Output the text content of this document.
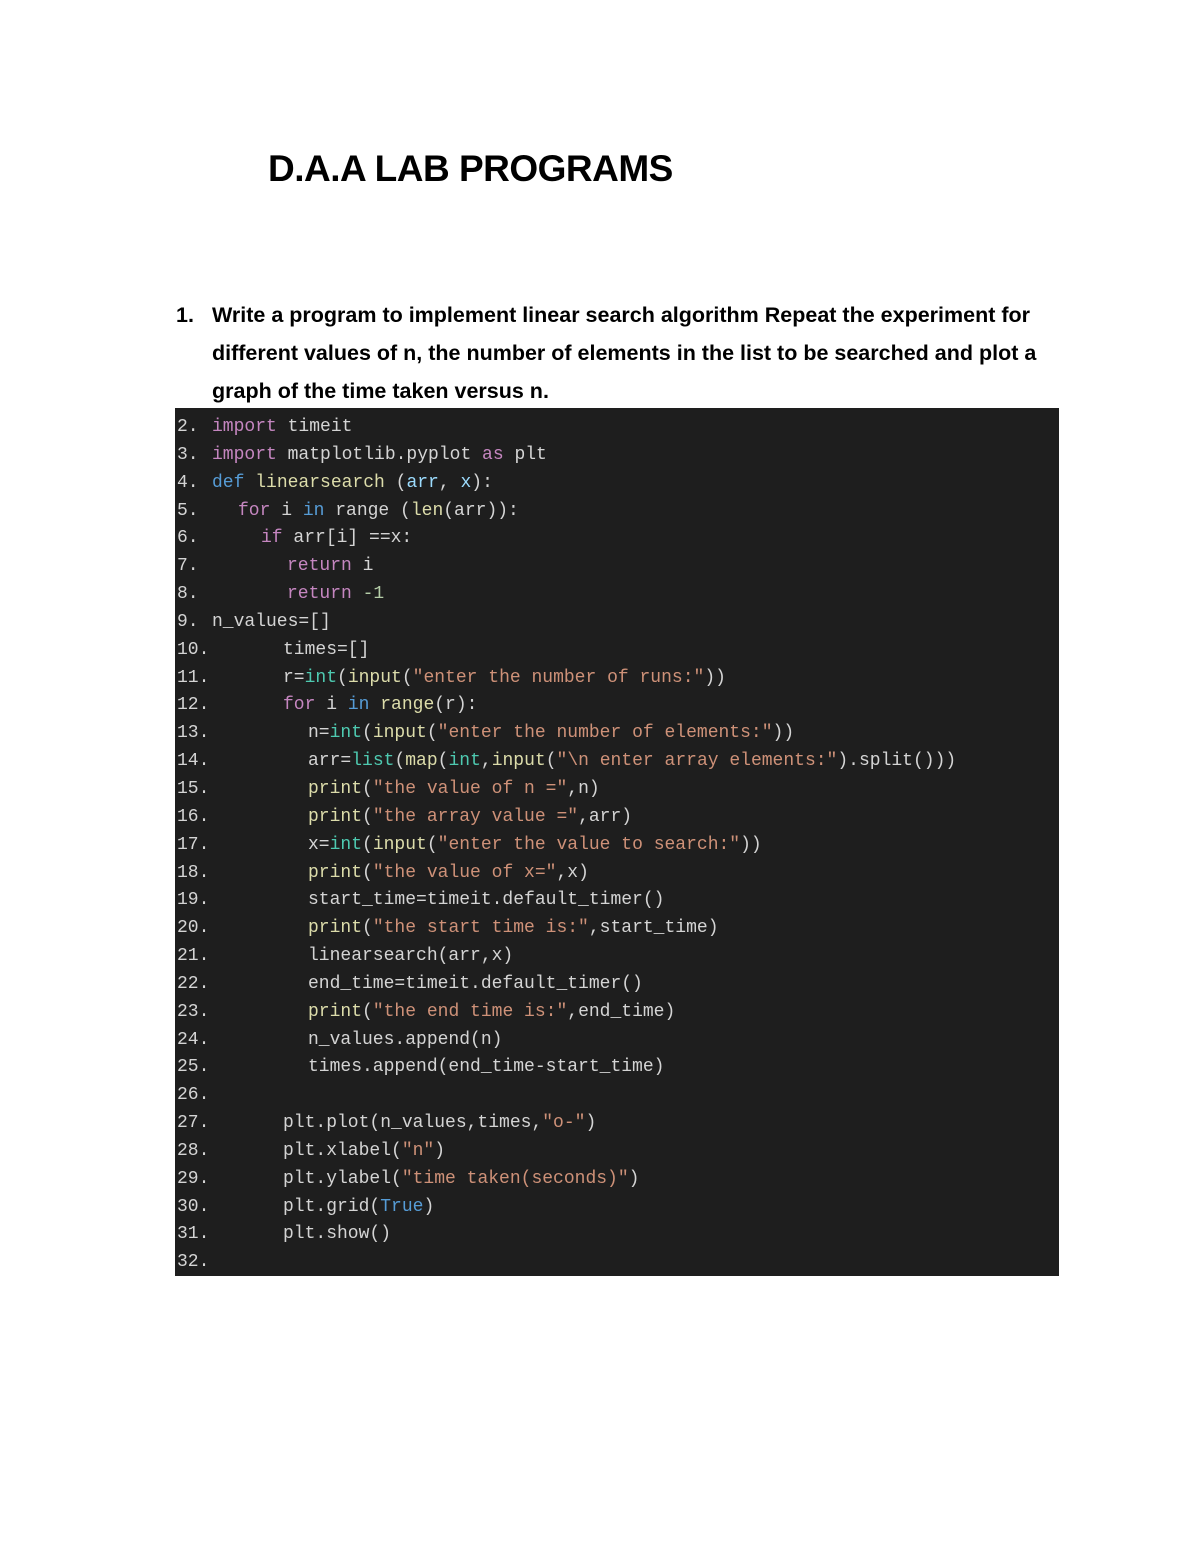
D.A.A LAB PROGRAMS
1. Write a program to implement linear search algorithm Repeat the experiment for different values of n, the number of elements in the list to be searched and plot a graph of the time taken versus n.
2. import timeit
3. import matplotlib.pyplot as plt
4. def linearsearch (arr, x):
5. for i in range (len(arr)):
6.	if arr[i] ==x:
7.	return i
8.	return -1
9. n_values=[]
10.	times=[]
11.	r=int(input("enter the number of runs:"))
12.	for i in range(r):
13.	n=int(input("enter the number of elements:"))
14.	arr=list(map(int,input("\n enter array elements:").split()))
15.	print("the value of n =",n)
16.	print("the array value =",arr)
17.	x=int(input("enter the value to search:"))
18.	print("the value of x=",x)
19.	start_time=timeit.default_timer()
20.	print("the start time is:",start_time)
21.	linearsearch(arr,x)
22.	end_time=timeit.default_timer()
23.	print("the end time is:",end_time)
24.	n_values.append(n)
25.	times.append(end_time-start_time)
26.
27.	plt.plot(n_values,times,"o-")
28.	plt.xlabel("n")
29.	plt.ylabel("time taken(seconds)")
30.	plt.grid(True)
31.	plt.show()
32.
